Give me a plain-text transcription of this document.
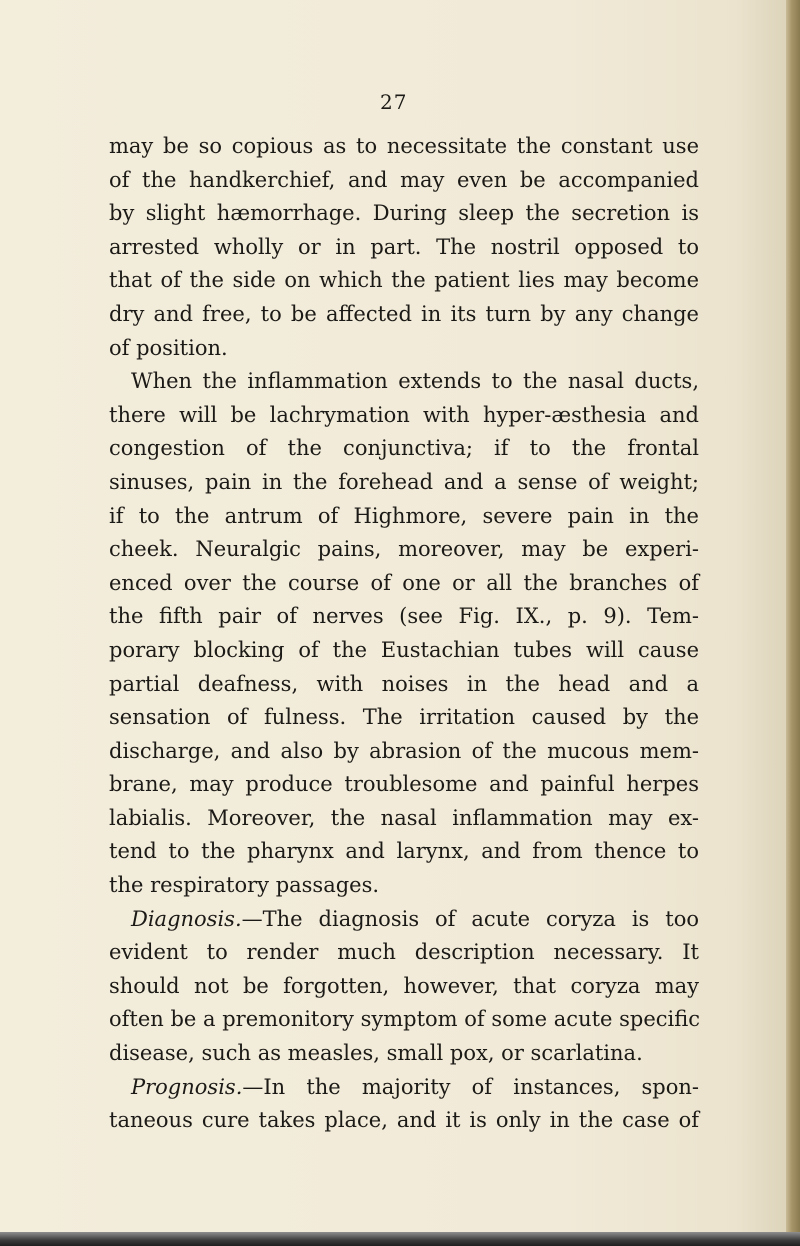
27
may be so copious as to necessitate the constant use
of the handkerchief, and may even be accompanied
by slight hæmorrhage. During sleep the secretion is
arrested wholly or in part. The nostril opposed to
that of the side on which the patient lies may become
dry and free, to be affected in its turn by any change
of position.
When the inflammation extends to the nasal ducts,
there will be lachrymation with hyper-æsthesia and
congestion of the conjunctiva; if to the frontal
sinuses, pain in the forehead and a sense of weight;
if to the antrum of Highmore, severe pain in the
cheek. Neuralgic pains, moreover, may be experi-
enced over the course of one or all the branches of
the fifth pair of nerves (see Fig. IX., p. 9). Tem-
porary blocking of the Eustachian tubes will cause
partial deafness, with noises in the head and a
sensation of fulness. The irritation caused by the
discharge, and also by abrasion of the mucous mem-
brane, may produce troublesome and painful herpes
labialis. Moreover, the nasal inflammation may ex-
tend to the pharynx and larynx, and from thence to
the respiratory passages.
Diagnosis.—The diagnosis of acute coryza is too
evident to render much description necessary. It
should not be forgotten, however, that coryza may
often be a premonitory symptom of some acute specific
disease, such as measles, small pox, or scarlatina.
Prognosis.—In the majority of instances, spon-
taneous cure takes place, and it is only in the case of
